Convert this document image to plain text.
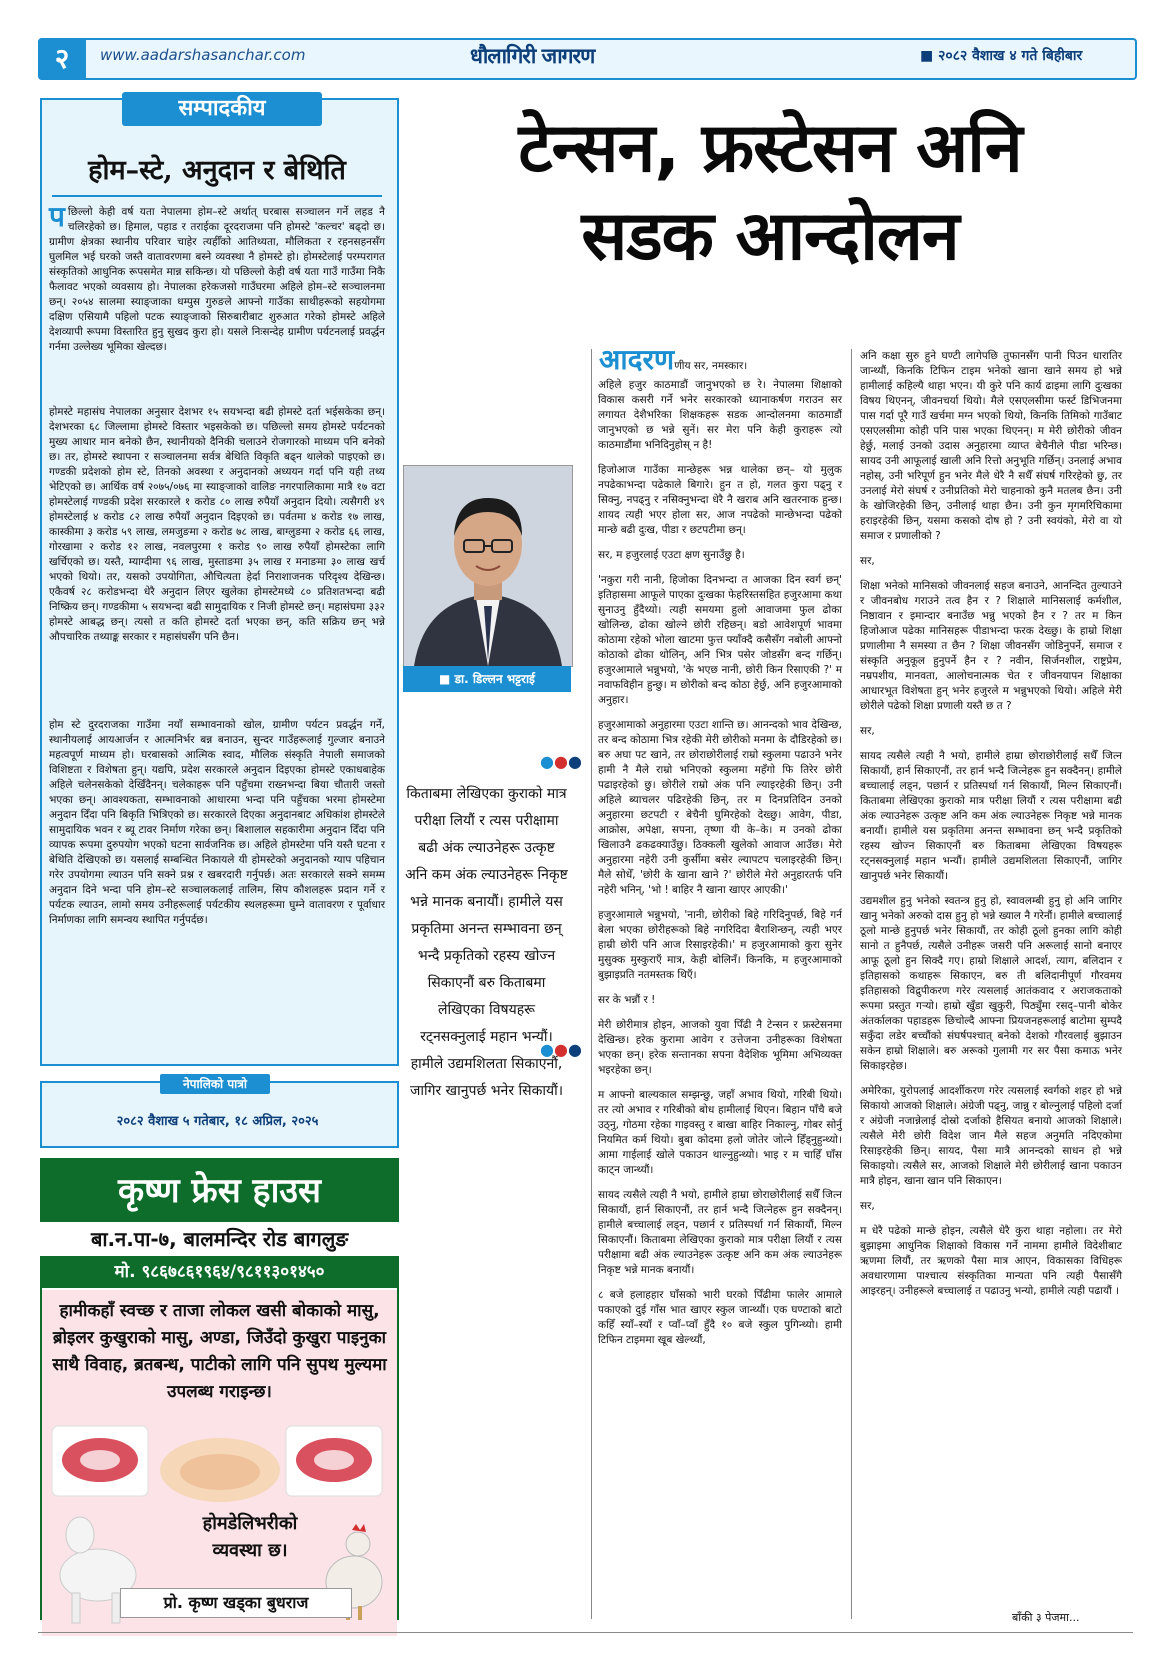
२	www.aadarshasanchar.com	धौलागिरी जागरण	■ २०८२ वैशाख ४ गते बिहीबार
सम्पादकीय
होम–स्टे, अनुदान र बेथिति
पछिल्लो केही वर्ष यता नेपालमा होम–स्टे अर्थात् घरबास सञ्चालन गर्ने लहड नै चलिरहेको छ। हिमाल, पहाड र तराईका दूरदराजमा पनि होमस्टे 'कल्चर' बढ्दो छ। ग्रामीण क्षेत्रका स्थानीय परिवार चाहेर त्यहीँको आतिथ्यता, मौलिकता र रहनसहनसँग घुलमिल भई घरको जस्तै वातावरणमा बस्ने व्यवस्था नै होमस्टे हो। होमस्टेलाई परम्परागत संस्कृतिको आधुनिक रूपसमेत मान्न सकिन्छ। यो पछिल्लो केही वर्ष यता गाउँ गाउँमा निकै फैलावट भएको व्यवसाय हो। नेपालका हरेकजसो गाउँघरमा अहिले होम–स्टे सञ्चालनमा छन्। २०५४ सालमा स्याङ्जाका धम्पुस गुरुङले आफ्नो गाउँका साथीहरूको सहयोगमा दक्षिण एसियामै पहिलो पटक स्याङ्जाको सिरुबारीबाट शुरुआत गरेको होमस्टे अहिले देशव्यापी रूपमा विस्तारित हुनु सुखद कुरा हो। यसले निःसन्देह ग्रामीण पर्यटनलाई प्रवर्द्धन गर्नमा उल्लेख्य भूमिका खेल्दछ।
होमस्टे महासंघ नेपालका अनुसार देशभर १५ सयभन्दा बढी होमस्टे दर्ता भईसकेका छन्। देशभरका ६८ जिल्लामा होमस्टे विस्तार भइसकेको छ। पछिल्लो समय होमस्टे पर्यटनको मुख्य आधार मान बनेको छैन, स्थानीयको दैनिकी चलाउने रोजगारको माध्यम पनि बनेको छ। तर, होमस्टे स्थापना र सञ्चालनमा सर्वत्र बेथिति विकृति बढ्न थालेको पाइएको छ। गण्डकी प्रदेशको होम स्टे, तिनको अवस्था र अनुदानको अध्ययन गर्दा पनि यही तथ्य भेटिएको छ। आर्थिक वर्ष २०७५/०७६ मा स्याङ्जाको वालिङ नगरपालिकामा मात्रै १७ वटा होमस्टेलाई गण्डकी प्रदेश सरकारले १ करोड ८० लाख रुपैयाँ अनुदान दियो। त्यसैगरी ४९ होमस्टेलाई ४ करोड ८२ लाख रुपैयाँ अनुदान दिइएको छ। पर्वतमा ४ करोड १७ लाख, कास्कीमा ३ करोड ५९ लाख, लमजुङमा २ करोड ७८ लाख, बाग्लुङमा २ करोड ६६ लाख, गोरखामा २ करोड १२ लाख, नवलपुरमा १ करोड ९० लाख रुपैयाँ होमस्टेका लागि खर्चिएको छ। यस्तै, म्याग्दीमा ९६ लाख, मुस्ताङमा ३५ लाख र मनाङमा ३० लाख खर्च भएको थियो। तर, यसको उपयोगिता, औचित्यता हेर्दा निराशाजनक परिदृश्य देखिन्छ। एकैवर्ष २८ करोडभन्दा धेरै अनुदान लिएर खुलेका होमस्टेमध्ये ८० प्रतिशतभन्दा बढी निष्क्रिय छन्। गण्डकीमा ५ सयभन्दा बढी सामुदायिक र निजी होमस्टे छन्। महासंघमा ३३२ होमस्टे आबद्ध छन्। त्यसो त कति होमस्टे दर्ता भएका छन्, कति सक्रिय छन् भन्ने औपचारिक तथ्याङ्क सरकार र महासंघसँग पनि छैन।
होम स्टे दुरदराजका गाउँमा नयाँ सम्भावनाको खोल, ग्रामीण पर्यटन प्रवर्द्धन गर्ने, स्थानीयलाई आयआर्जन र आत्मनिर्भर बन्न बनाउन, सुन्दर गाउँहरूलाई गुल्जार बनाउने महत्वपूर्ण माध्यम हो। घरबासको आत्मिक स्वाद, मौलिक संस्कृति नेपाली समाजको विशिष्टता र विशेषता हुन्। यद्यपि, प्रदेश सरकारले अनुदान दिइएका होमस्टे एकाधबाहेक अहिले चलेनसकेको देखिँदैनन्। चलेकाहरू पनि पहुँचमा राख्नभन्दा बिया चौतारी जस्तो भएका छन्। आवश्यकता, सम्भावनाको आधारमा भन्दा पनि पहुँचका भरमा होमस्टेमा अनुदान दिँदा पनि बिकृति भित्रिएको छ। सरकारले दिएका अनुदानबाट अधिकांश होमस्टेले सामुदायिक भवन र ब्यू टावर निर्माण गरेका छन्। बिशालाल सहकारीमा अनुदान दिँदा पनि व्यापक रूपमा दुरुपयोग भएको घटना सार्वजनिक छ। अहिले होमस्टेमा पनि यस्तै घटना र बेथिति देखिएको छ। यसलाई सम्बन्धित निकायले यी होमस्टेको अनुदानको ग्याप पहिचान गरेर उपयोगमा ल्याउन पनि सक्ने प्रश्न र खबरदारी गर्नुपर्छ। अतः सरकारले सक्ने समम्म अनुदान दिने भन्दा पनि होम–स्टे सञ्चालकलाई तालिम, सिप कौशलहरू प्रदान गर्ने र पर्यटक ल्याउन, लामो समय उनीहरूलाई पर्यटकीय स्थलहरूमा घुम्ने वातावरण र पूर्वाधार निर्माणका लागि समन्वय स्थापित गर्नुपर्दछ।
नेपालिको पात्रो
२०८२ वैशाख ५ गतेबार, १८ अप्रिल, २०२५
कृष्ण फ्रेस हाउस
बा.न.पा-७, बालमन्दिर रोड बागलुङ
मो. ९८६७८६१९६४/९८११३०१४५०
हामीकहाँ स्वच्छ र ताजा लोकल खसी बोकाको मासु, ब्रोइलर कुखुराको मासु, अण्डा, जिउँदो कुखुरा पाइनुका साथै विवाह, ब्रतबन्ध, पाटीको लागि पनि सुपथ मुल्यमा उपलब्ध गराइन्छ।
होमडेलिभरीको
व्यवस्था छ।
प्रो. कृष्ण खड्का बुधराज
टेन्सन, फ्रस्टेसन अनि
सडक आन्दोलन
■ डा. डिल्लन भट्टराई
●●●
किताबमा लेखिएका कुराको मात्र परीक्षा लियौं र त्यस परीक्षामा बढी अंक ल्याउनेहरू उत्कृष्ट अनि कम अंक ल्याउनेहरू निकृष्ट भन्ने मानक बनायौं। हामीले यस प्रकृतिमा अनन्त सम्भावना छन् भन्दै प्रकृतिको रहस्य खोज्न सिकाएनौं बरु किताबमा लेखिएका विषयहरू रट्नसक्नुलाई महान भन्यौं। हामीले उद्यमशिलता सिकाएनौं, जागिर खानुपर्छ भनेर सिकायौं।
●●●
आदरणणीय सर, नमस्कार।

अहिले हजुर काठमाडौं जानुभएको छ रे। नेपालमा शिक्षाको विकास कसरी गर्ने भनेर सरकारको ध्यानाकर्षण गराउन सर लगायत देशैभरिका शिक्षकहरू सडक आन्दोलनमा काठमाडौं जानुभएको छ भन्ने सुनें। सर मेरा पनि केही कुराहरू त्यो काठमाडौंमा भनिदिनुहोस् न है!

हिजोआज गाउँका मान्छेहरू भन्न थालेका छन्– यो मुलुक नपढेकाभन्दा पढेकाले बिगारे। हुन त हो, गलत कुरा पढ्नु र सिक्नु, नपढ्नु र नसिक्नुभन्दा धेरै नै खराब अनि खतरनाक हुन्छ। शायद त्यही भएर होला सर, आज नपढेको मान्छेभन्दा पढेको मान्छे बढी दुःख, पीडा र छटपटीमा छन्।

सर, म हजुरलाई एउटा क्षण सुनाउँछु है।

'नकुरा गरी नानी, हिजोका दिनभन्दा त आजका दिन स्वर्ग छन्' इतिहासमा आफूले पाएका दुःखका फेहरिस्तसहित हजुरआमा कथा सुनाउनु हुँदैथ्यो। त्यही समयमा हुलो आवाजमा फुल ढोका खोलिन्छ, ढोका खोल्ने छोरी रहिछन्। बडो आवेशपूर्ण भावमा कोठामा रहेको भोला खाटमा फुत्त फ्याँक्दै कसैसँग नबोली आफ्नो कोठाको ढोका थोलिन्, अनि भित्र पसेर जोडसँग बन्द गर्छिन्। हजुरआमाले भन्नुभयो, 'के भएछ नानी, छोरी किन रिसाएकी ?' म नवाफविहीन हुन्छु। म छोरीको बन्द कोठा हेर्छु, अनि हजुरआमाको अनुहार।

हजुरआमाको अनुहारमा एउटा शान्ति छ। आनन्दको भाव देखिन्छ, तर बन्द कोठामा भित्र रहेकी मेरी छोरीको मनमा के दौडिरहेको छ। बरु अघा पट खाने, तर छोराछोरीलाई राम्रो स्कुलमा पढाउने भनेर हामी नै मैले राम्रो भनिएको स्कुलमा महँगो फि तिरेर छोरी पढाइरहेको छु। छोरीले राम्रो अंक पनि ल्याइरहेकी छिन्। उनी अहिले ब्याचलर पढिरहेकी छिन्, तर म दिनप्रतिदिन उनको अनुहारमा छटपटी र बेचैनी घुमिरहेको देख्छु। आवेग, पीडा, आक्रोस, अपेक्षा, सपना, तृष्णा यी के–के। म उनको ढोका खिलाउनै ढकढक्याउँछु। ठिक्कली खुलेको आवाज आउँछ। मेरो अनुहारमा नहेरी उनी कुर्सीमा बसेर ल्यापटप चलाइरहेकी छिन्। मैले सोधेँ, 'छोरी के खाना खाने ?' छोरीले मेरो अनुहारतर्फ पनि नहेरी भनिन्, 'भो ! बाहिर नै खाना खाएर आएकी।'

हजुरआमाले भन्नुभयो, 'नानी, छोरीको बिहे गरिदिनुपर्छ, बिहे गर्न बेला भएका छोरीहरूको बिहे नगरिदिदा बैराशिन्छन्, त्यही भएर हाम्री छोरी पनि आज रिसाइरहेकी।' म हजुरआमाको कुरा सुनेर मुसुक्क मुस्कुराएँ मात्र, केही बोलिनँ। किनकि, म हजुरआमाको बुझाइप्रति नतमस्तक थिएँ।

सर के भन्नौं र !

मेरी छोरीमात्र होइन, आजको युवा पिँढी नै टेन्सन र फ्रस्टेसनमा देखिन्छ। हरेक कुरामा आवेग र उत्तेजना उनीहरूका विशेषता भएका छन्। हरेक सन्तानका सपना वैदेशिक भूमिमा अभिव्यक्त भइरहेका छन्।

म आफ्नो बाल्यकाल सम्झन्छु, जहाँ अभाव थियो, गरिबी थियो। तर त्यो अभाव र गरिबीको बोध हामीलाई थिएन। बिहान पाँचै बजे उठ्नु, गोठमा रहेका गाइवस्तु र बाखा बाहिर निकाल्नु, गोबर सोर्नु नियमित कर्म थियो। बुबा कोदमा हलो जोतेर जोत्ने हिँड्नुहुन्थ्यो। आमा गाईलाई खोले पकाउन थाल्नुहुन्थ्यो। भाइ र म चाहिँ घाँस काट्न जान्थ्यौं।

सायद त्यसैले त्यही नै भयो, हामीले हाम्रा छोराछोरीलाई सधैँ जित्न सिकायौं, हार्न सिकाएनौं, तर हार्न भन्दै जित्नेहरू हुन सक्दैनन्। हामीले बच्चालाई लड्न, पछार्न र प्रतिस्पर्धा गर्न सिकायौं, मिल्न सिकाएनौं। किताबमा लेखिएका कुराको मात्र परीक्षा लियौं र त्यस परीक्षामा बढी अंक ल्याउनेहरू उत्कृष्ट अनि कम अंक ल्याउनेहरू निकृष्ट भन्ने मानक बनायौं।

८ बजे हलाहहार घाँसको भारी घरको पिँढीमा फालेर आमाले पकाएको दुई गाँस भात खाएर स्कुल जान्थ्यौं। एक घण्टाको बाटो कहिँ स्यॉं–स्यॉं र प्वॉं–प्वॉं हुँदै १० बजे स्कुल पुगिन्थ्यो। हामी टिफिन टाइममा खूब खेल्थ्यौं,

अनि कक्षा सुरु हुने घण्टी लागेपछि तुफानसँग पानी पिउन धारातिर जान्थ्यौं, किनकि टिफिन टाइम भनेको खाना खाने समय हो भन्ने हामीलाई कहिल्यै थाहा भएन। यी कुरे पनि कार्य ढाइमा लागि दुःखका विषय थिएनन्, जीवनचर्या थियो। मैले एसएलसीमा फर्स्ट डिभिजनमा पास गर्दा पूरै गाउँ खर्चमा मग्न भएको थियो, किनकि तिमिको गाउँबाट एसएलसीमा कोही पनि पास भएका थिएनन्। म मेरी छोरीको जीवन हेर्छु, मलाई उनको उदास अनुहारमा व्याप्त बेचैनीले पीडा भरिन्छ। सायद उनी आफूलाई खाली अनि रित्तो अनुभूति गर्छिन्। उनलाई अभाव नहोस्, उनी भरिपूर्ण हुन भनेर मैले धेरै नै सधैँ संघर्ष गरिरहेको छु, तर उनलाई मेरो संघर्ष र उनीप्रतिको मेरो चाहनाको कुनै मतलब छैन। उनी के खोजिरहेकी छिन्, उनीलाई थाहा छैन। उनी कुन मृगमरिचिकामा हराइरहेकी छिन्, यसमा कसको दोष हो ? उनी स्वयंको, मेरो वा यो समाज र प्रणालीको ?

सर,

शिक्षा भनेको मानिसको जीवनलाई सहज बनाउने, आनन्दित तुल्याउने र जीवनबोध गराउने तत्व हैन र ? शिक्षाले मानिसलाई कर्मशील, निष्ठावान र इमान्दार बनाउँछ भन्नु भएको हैन र ? तर म किन हिजोआज पढेका मानिसहरू पीडाभन्दा फरक देख्छु। के हाम्रो शिक्षा प्रणालीमा नै समस्या त छैन ? शिक्षा जीवनसँग जोडिनुपर्ने, समाज र संस्कृति अनुकूल हुनुपर्ने हैन र ? नवीन, सिर्जनशील, राष्ट्रप्रेम, नम्रपशीय, मानवता, आलोचनात्मक चेत र जीवनयापन शिक्षाका आधारभूत विशेषता हुन् भनेर हजुरले म भन्नुभएको थियो। अहिले मेरी छोरीले पढेको शिक्षा प्रणाली यस्तै छ त ?

सर,

सायद त्यसैले त्यही नै भयो, हामीले हाम्रा छोराछोरीलाई सधैँ जित्न सिकायौं, हार्न सिकाएनौं, तर हार्न भन्दै जित्नेहरू हुन सक्दैनन्। हामीले बच्चालाई लड्न, पछार्न र प्रतिस्पर्धा गर्न सिकायौं, मिल्न सिकाएनौं। किताबमा लेखिएका कुराको मात्र परीक्षा लियौं र त्यस परीक्षामा बढी अंक ल्याउनेहरू उत्कृष्ट अनि कम अंक ल्याउनेहरू निकृष्ट भन्ने मानक बनायौं। हामीले यस प्रकृतिमा अनन्त सम्भावना छन् भन्दै प्रकृतिको रहस्य खोज्न सिकाएनौं बरु किताबमा लेखिएका विषयहरू रट्नसक्नुलाई महान भन्यौं। हामीले उद्यमशिलता सिकाएनौं, जागिर खानुपर्छ भनेर सिकायौं।

उद्यमशील हुनु भनेको स्वतन्त्र हुनु हो, स्वावलम्बी हुनु हो अनि जागिर खानु भनेको अरुको दास हुनु हो भन्ने ख्याल नै गरेनौं। हामीले बच्चालाई ठूलो मान्छे हुनुपर्छ भनेर सिकायौं, तर कोही ठूलो हुनका लागि कोही सानो त हुनैपर्छ, त्यसैले उनीहरू जसरी पनि अरूलाई सानो बनाएर आफू ठूलो हुन सिक्दै गए। हाम्रो शिक्षाले आदर्श, त्याग, बलिदान र इतिहासको कथाहरू सिकाएन, बरु ती बलिदानीपूर्ण गौरवमय इतिहासको विद्रुपीकरण गरेर त्यसलाई आतंकवाद र अराजकताको रूपमा प्रस्तुत गर्‍यो। हाम्रो खुँडा खुकुरी, पिठ्युँमा रसद्–पानी बोकेर अंतर्कालका पहाडहरू छिचोल्दै आफ्ना प्रियजनहरूलाई बाटोमा सुम्पदै सकुँदा लडेर बच्चौंको संघर्षपश्चात् बनेको देशको गौरवलाई बुझाउन सकेन हाम्रो शिक्षाले। बरु अरूको गुलामी गर सर पैसा कमाऊ भनेर सिकाइरहेछ।

अमेरिका, युरोपलाई आदर्शीकरण गरेर त्यसलाई स्वर्गको शहर हो भन्ने सिकायो आजको शिक्षाले। अंग्रेजी पढ्नु, जान्नु र बोल्नुलाई पहिलो दर्जा र अंग्रेजी नजान्नेलाई दोस्रो दर्जाको हैसियत बनायो आजको शिक्षाले। त्यसैले मेरी छोरी विदेश जान मैले सहज अनुमति नदिएकोमा रिसाइरहेकी छिन्। सायद, पैसा मात्रै आनन्दको साधन हो भन्ने सिकाइयो। त्यसैले सर, आजको शिक्षाले मेरी छोरीलाई खाना पकाउन मात्रै होइन, खाना खान पनि सिकाएन।

सर,

म धेरै पढेको मान्छे होइन, त्यसैले धेरै कुरा थाहा नहोला। तर मेरो बुझाइमा आधुनिक शिक्षाको विकास गर्ने नाममा हामीले विदेशीबाट ऋणमा लियौं, तर ऋणको पैसा मात्र आएन, विकासका विधिहरू अवधारणामा पाश्चात्य संस्कृतिका मान्यता पनि त्यही पैसासँगै आइरहन्। उनीहरूले बच्चालाई त पढाउनु भन्यो, हामीले त्यही पढायौं ।

बाँकी ३ पेजमा...
